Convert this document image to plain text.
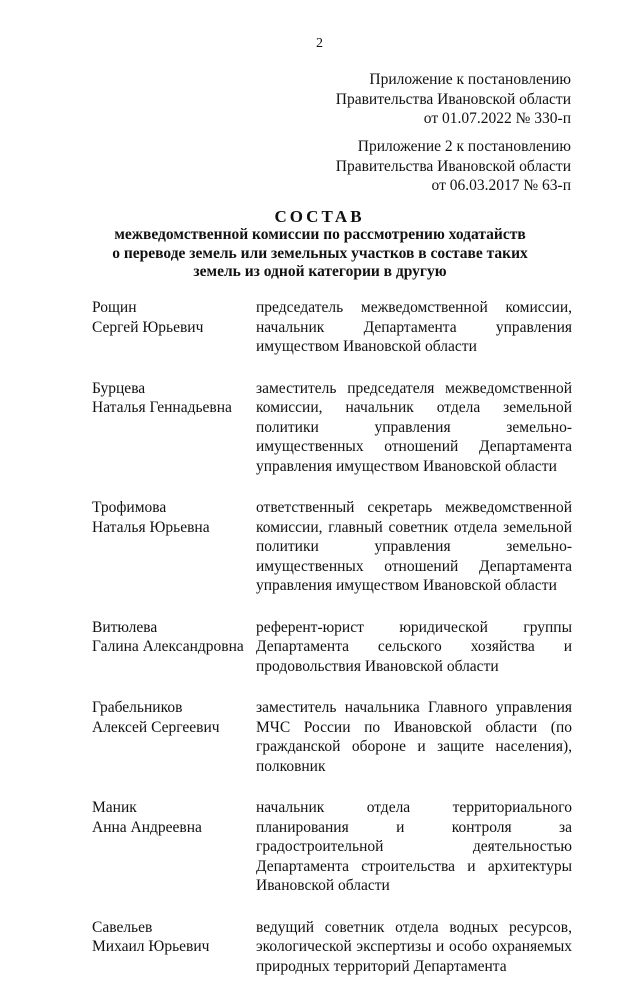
2
Приложение к постановлению
Правительства Ивановской области
от 01.07.2022 № 330-п
Приложение 2 к постановлению
Правительства Ивановской области
от 06.03.2017 № 63-п
СОСТАВ
межведомственной комиссии по рассмотрению ходатайств о переводе земель или земельных участков в составе таких земель из одной категории в другую
Рощин
Сергей Юрьевич
председатель межведомственной комиссии, начальник Департамента управления имуществом Ивановской области
Бурцева
Наталья Геннадьевна
заместитель председателя межведомственной комиссии, начальник отдела земельной политики управления земельно-имущественных отношений Департамента управления имуществом Ивановской области
Трофимова
Наталья Юрьевна
ответственный секретарь межведомственной комиссии, главный советник отдела земельной политики управления земельно-имущественных отношений Департамента управления имуществом Ивановской области
Витюлева
Галина Александровна
референт-юрист юридической группы Департамента сельского хозяйства и продовольствия Ивановской области
Грабельников
Алексей Сергеевич
заместитель начальника Главного управления МЧС России по Ивановской области (по гражданской обороне и защите населения), полковник
Маник
Анна Андреевна
начальник отдела территориального планирования и контроля за градостроительной деятельностью Департамента строительства и архитектуры Ивановской области
Савельев
Михаил Юрьевич
ведущий советник отдела водных ресурсов, экологической экспертизы и особо охраняемых природных территорий Департамента
